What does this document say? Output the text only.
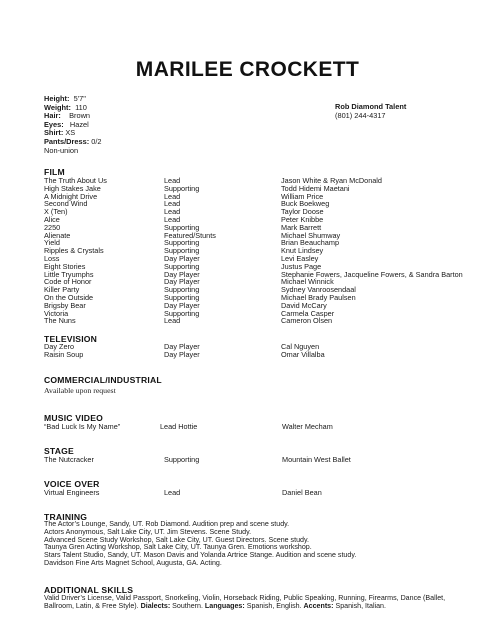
MARILEE CROCKETT
Height: 5'7"
Weight: 110
Hair: Brown
Eyes: Hazel
Shirt: XS
Pants/Dress: 0/2
Non-union
Rob Diamond Talent
(801) 244-4317
FILM
The Truth About Us	Lead	Jason White & Ryan McDonald
High Stakes Jake	Supporting	Todd Hidemi Maetani
A Midnight Drive	Lead	William Price
Second Wind	Lead	Buck Boekweg
X (Ten)	Lead	Taylor Doose
Alice	Lead	Peter Knibbe
2250	Supporting	Mark Barrett
Alienate	Featured/Stunts	Michael Shumway
Yield	Supporting	Brian Beauchamp
Ripples & Crystals	Supporting	Knut Lindsey
Loss	Day Player	Levi Easley
Eight Stories	Supporting	Justus Page
Little Tryumphs	Day Player	Stephanie Fowers, Jacqueline Fowers, & Sandra Barton
Code of Honor	Day Player	Michael Winnick
Killer Party	Supporting	Sydney Vanroosendaal
On the Outside	Supporting	Michael Brady Paulsen
Brigsby Bear	Day Player	David McCary
Victoria	Supporting	Carmela Casper
The Nuns	Lead	Cameron Olsen
TELEVISION
Day Zero	Day Player	Cal Nguyen
Raisin Soup	Day Player	Omar Villalba
COMMERCIAL/INDUSTRIAL
Available upon request
MUSIC VIDEO
“Bad Luck Is My Name”	Lead Hottie	Walter Mecham
STAGE
The Nutcracker	Supporting	Mountain West Ballet
VOICE OVER
Virtual Engineers	Lead	Daniel Bean
TRAINING
The Actor’s Lounge, Sandy, UT. Rob Diamond. Audition prep and scene study.
Actors Anonymous, Salt Lake City, UT. Jim Stevens. Scene Study.
Advanced Scene Study Workshop, Salt Lake City, UT. Guest Directors. Scene study.
Taunya Gren Acting Workshop, Salt Lake City, UT. Taunya Gren. Emotions workshop.
Stars Talent Studio, Sandy, UT. Mason Davis and Yolanda Artrice Stange. Audition and scene study.
Davidson Fine Arts Magnet School, Augusta, GA. Acting.
ADDITIONAL SKILLS
Valid Driver’s License, Valid Passport, Snorkeling, Violin, Horseback Riding, Public Speaking, Running, Firearms, Dance (Ballet, Ballroom, Latin, & Free Style). Dialects: Southern. Languages: Spanish, English. Accents: Spanish, Italian.
